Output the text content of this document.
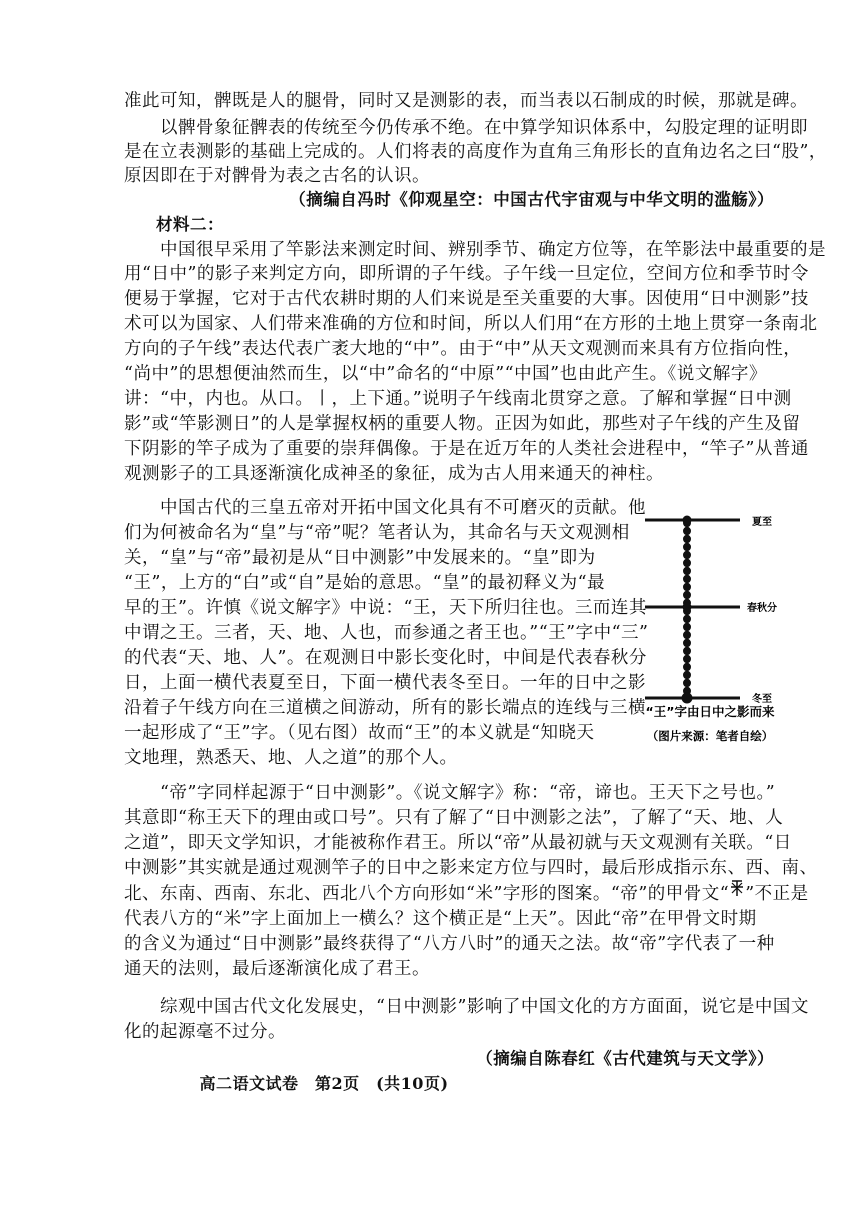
准此可知，髀既是人的腿骨，同时又是测影的表，而当表以石制成的时候，那就是碑。
　　以髀骨象征髀表的传统至今仍传承不绝。在中算学知识体系中，勾股定理的证明即
是在立表测影的基础上完成的。人们将表的高度作为直角三角形长的直角边名之曰“股”，
原因即在于对髀骨为表之古名的认识。
（摘编自冯时《仰观星空：中国古代宇宙观与中华文明的滥觞》）
材料二：
　　中国很早采用了竿影法来测定时间、辨别季节、确定方位等，在竿影法中最重要的是
用“日中”的影子来判定方向，即所谓的子午线。子午线一旦定位，空间方位和季节时令
便易于掌握，它对于古代农耕时期的人们来说是至关重要的大事。因使用“日中测影”技
术可以为国家、人们带来准确的方位和时间，所以人们用“在方形的土地上贯穿一条南北
方向的子午线”表达代表广袤大地的“中”。由于“中”从天文观测而来具有方位指向性，
“尚中”的思想便油然而生，以“中”命名的“中原”“中国”也由此产生。《说文解字》
讲：“中，内也。从口。丨，上下通。”说明子午线南北贯穿之意。了解和掌握“日中测
影”或“竿影测日”的人是掌握权柄的重要人物。正因为如此，那些对子午线的产生及留
下阴影的竿子成为了重要的崇拜偶像。于是在近万年的人类社会进程中，“竿子”从普通
观测影子的工具逐渐演化成神圣的象征，成为古人用来通天的神柱。
　　中国古代的三皇五帝对开拓中国文化具有不可磨灭的贡献。他
们为何被命名为“皇”与“帝”呢？笔者认为，其命名与天文观测相
关，“皇”与“帝”最初是从“日中测影”中发展来的。“皇”即为
“王”，上方的“白”或“自”是始的意思。“皇”的最初释义为“最
早的王”。许慎《说文解字》中说：“王，天下所归往也。三而连其
中谓之王。三者，天、地、人也，而参通之者王也。”“王”字中“三”
的代表“天、地、人”。在观测日中影长变化时，中间是代表春秋分
日，上面一横代表夏至日，下面一横代表冬至日。一年的日中之影
沿着子午线方向在三道横之间游动，所有的影长端点的连线与三横
一起形成了“王”字。（见右图）故而“王”的本义就是“知晓天
文地理，熟悉天、地、人之道”的那个人。
夏至
春秋分
冬至
“王”字由日中之影而来
（图片来源：笔者自绘）
　　“帝”字同样起源于“日中测影”。《说文解字》称：“帝，谛也。王天下之号也。”
其意即“称王天下的理由或口号”。只有了解了“日中测影之法”，了解了“天、地、人
之道”，即天文学知识，才能被称作君王。所以“帝”从最初就与天文观测有关联。“日
中测影”其实就是通过观测竿子的日中之影来定方位与四时，最后形成指示东、西、南、
北、东南、西南、东北、西北八个方向形如“米”字形的图案。“帝”的甲骨文“ ”不正是
代表八方的“米”字上面加上一横么？这个横正是“上天”。因此“帝”在甲骨文时期
的含义为通过“日中测影”最终获得了“八方八时”的通天之法。故“帝”字代表了一种
通天的法则，最后逐渐演化成了君王。
　　综观中国古代文化发展史，“日中测影”影响了中国文化的方方面面，说它是中国文
化的起源毫不过分。
（摘编自陈春红《古代建筑与天文学》）
高二语文试卷　第2页　(共10页)
